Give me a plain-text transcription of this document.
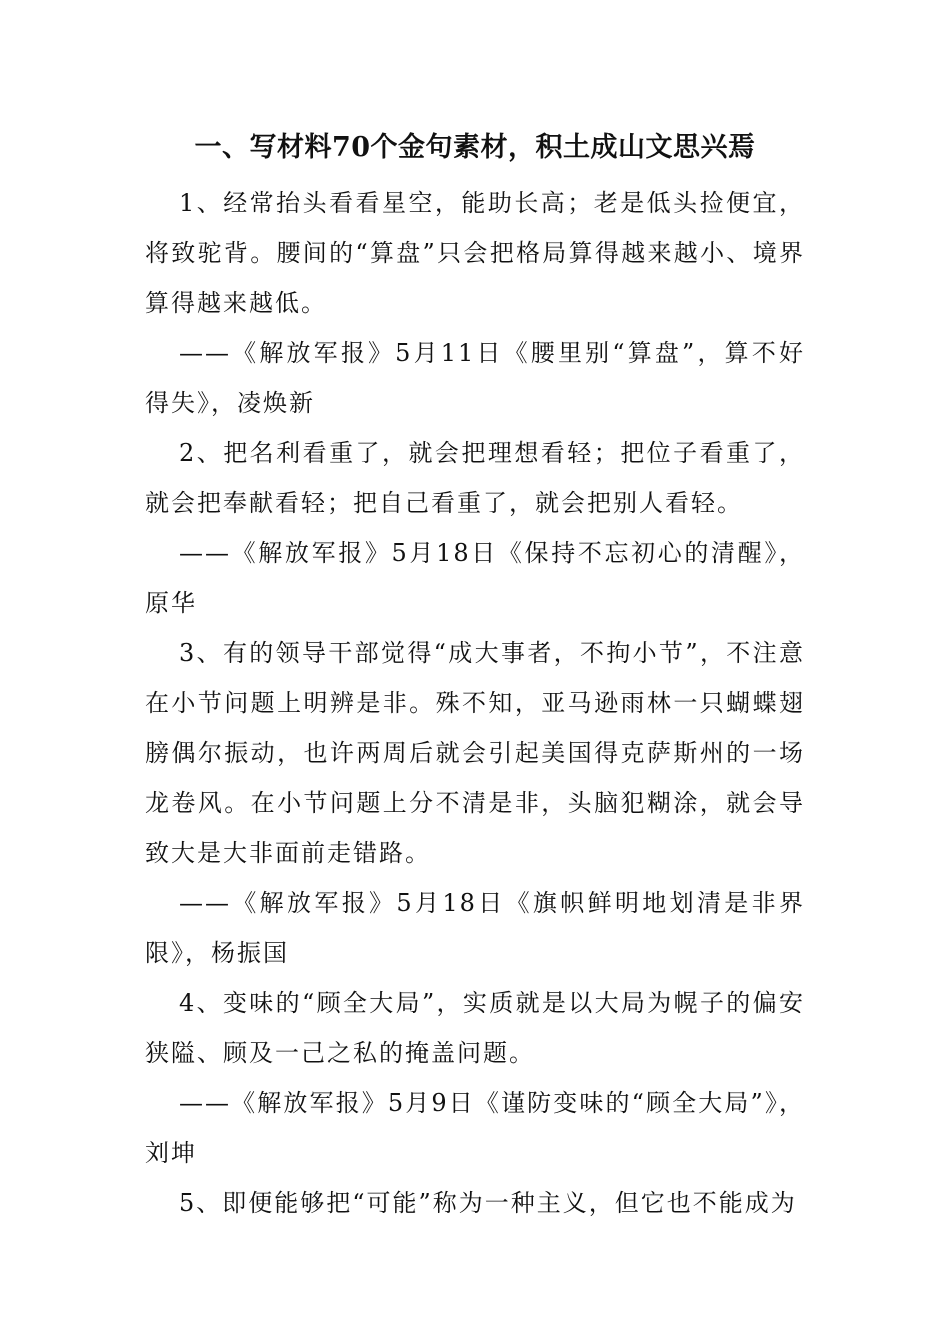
一、写材料70个金句素材，积土成山文思兴焉

1、经常抬头看看星空，能助长高；老是低头捡便宜，将致驼背。腰间的“算盘”只会把格局算得越来越小、境界算得越来越低。

——《解放军报》5月11日《腰里别“算盘”，算不好得失》，凌焕新

2、把名利看重了，就会把理想看轻；把位子看重了，就会把奉献看轻；把自己看重了，就会把别人看轻。

——《解放军报》5月18日《保持不忘初心的清醒》，原华

3、有的领导干部觉得“成大事者，不拘小节”，不注意在小节问题上明辨是非。殊不知，亚马逊雨林一只蝴蝶翅膀偶尔振动，也许两周后就会引起美国得克萨斯州的一场龙卷风。在小节问题上分不清是非，头脑犯糊涂，就会导致大是大非面前走错路。

——《解放军报》5月18日《旗帜鲜明地划清是非界限》，杨振国

4、变味的“顾全大局”，实质就是以大局为幌子的偏安狭隘、顾及一己之私的掩盖问题。

——《解放军报》5月9日《谨防变味的“顾全大局”》，刘坤

5、即便能够把“可能”称为一种主义，但它也不能成为
